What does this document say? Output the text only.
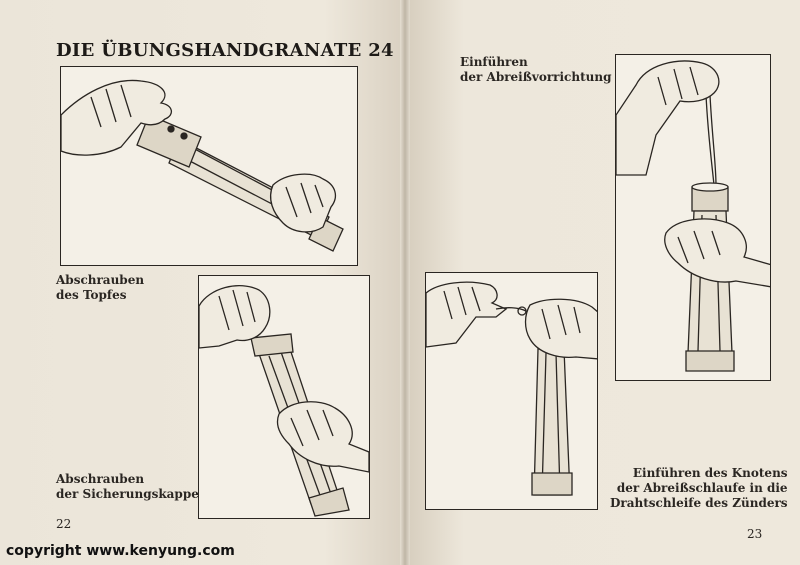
DIE ÜBUNGSHANDGRANATE 24
Abschrauben
des Topfes
Abschrauben
der Sicherungskappe
22
Einführen
der Abreißvorrichtung
Einführen des Knotens
der Abreißschlaufe in die
Drahtschleife des Zünders
23
copyright www.kenyung.com
